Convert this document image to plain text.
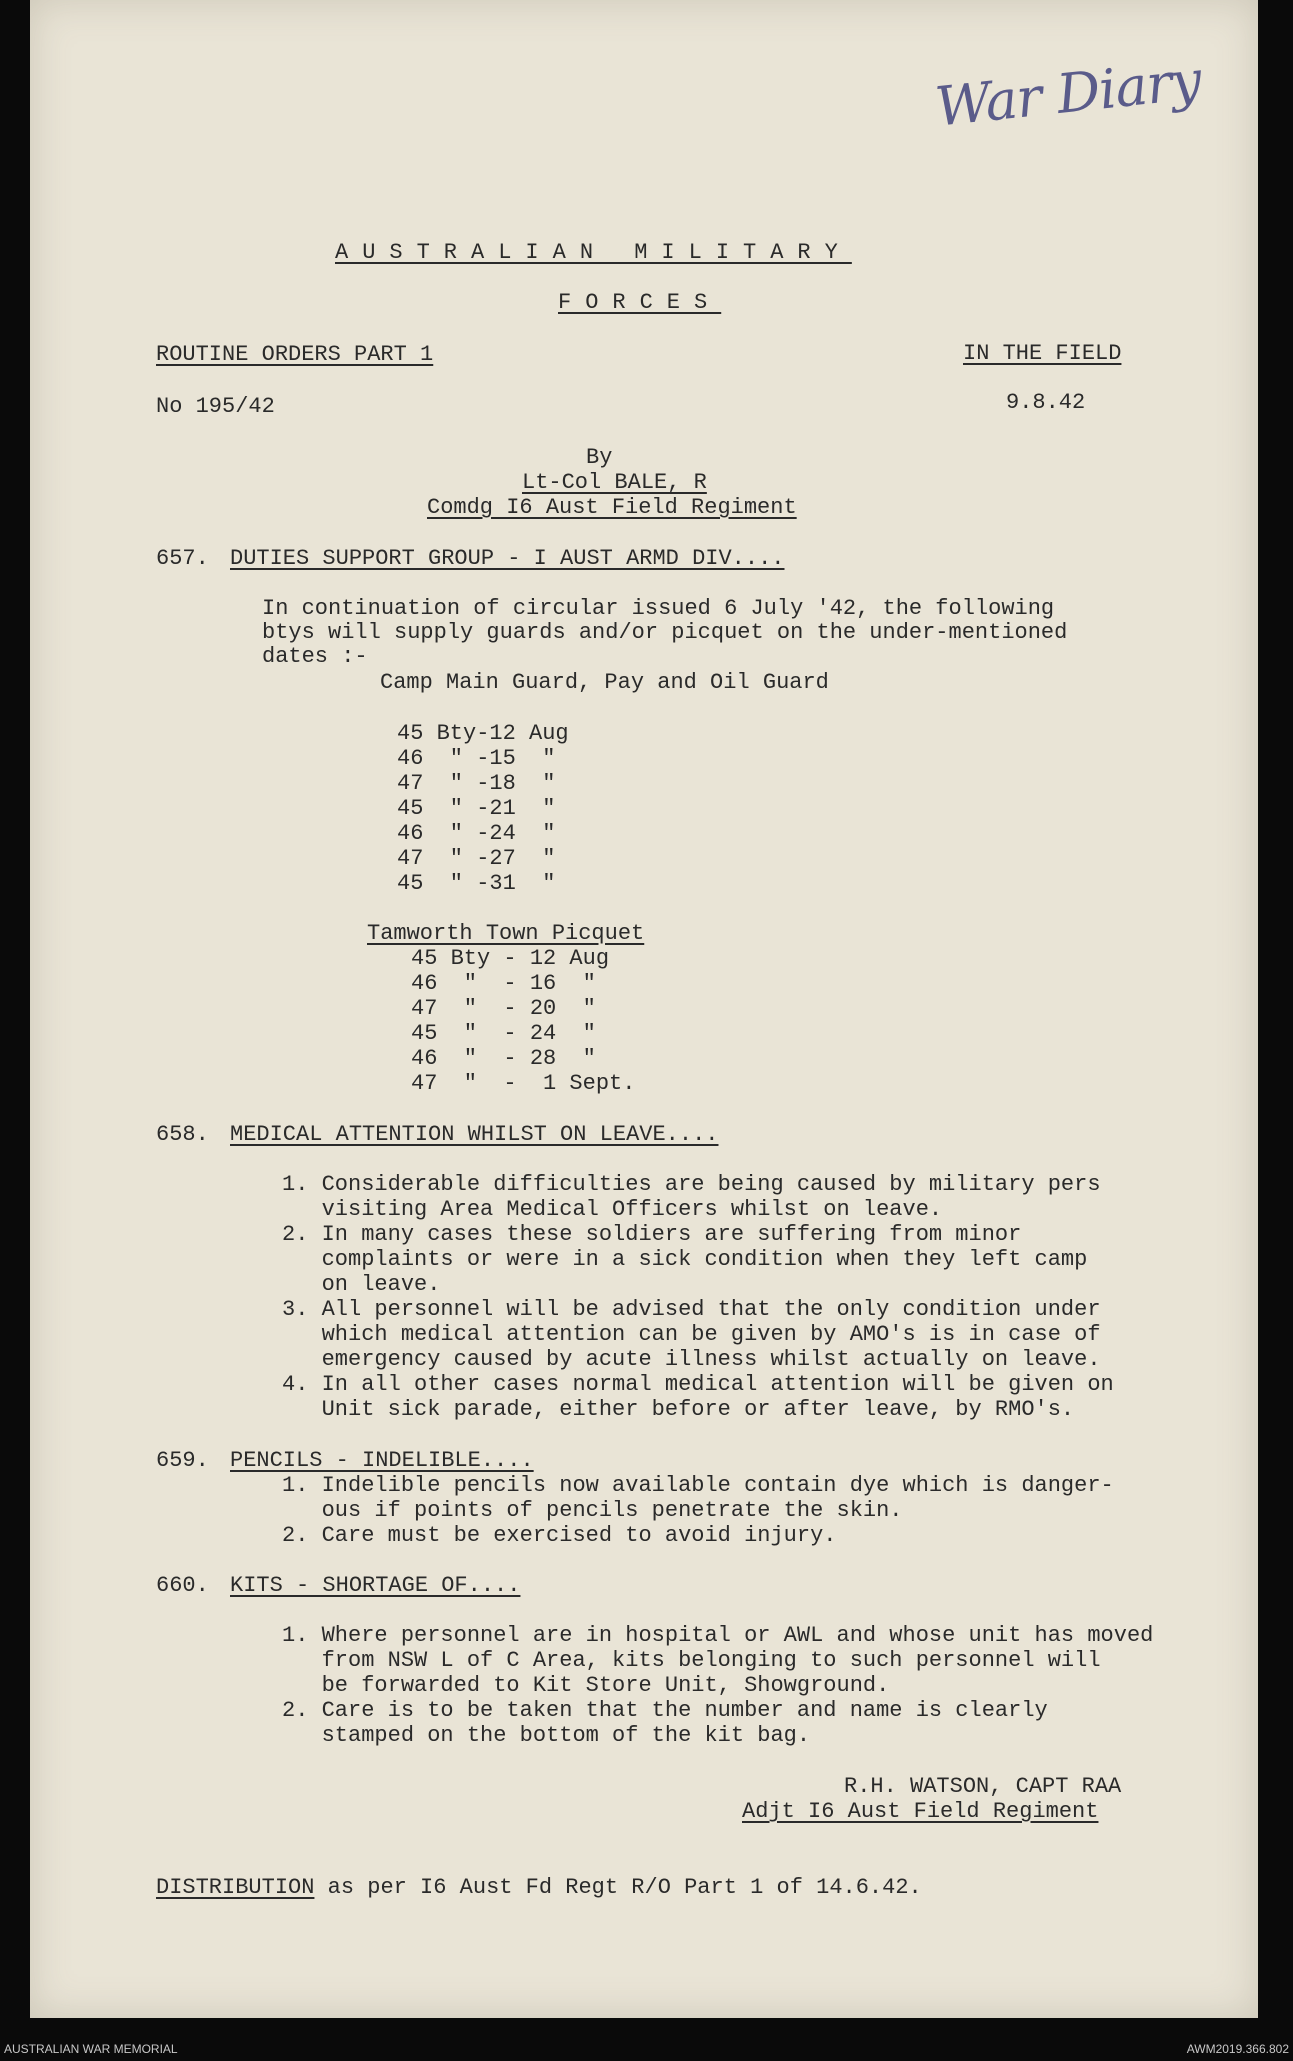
War Diary
AUSTRALIAN MILITARY
FORCES
ROUTINE ORDERS PART 1	IN THE FIELD
No 195/42	9.8.42
By
Lt-Col BALE, R
Comdg I6 Aust Field Regiment
657. DUTIES SUPPORT GROUP - I AUST ARMD DIV....
In continuation of circular issued 6 July '42, the following
btys will supply guards and/or picquet on the under-mentioned
dates :-
Camp Main Guard, Pay and Oil Guard
45 Bty-12 Aug
46  " -15  "
47  " -18  "
45  " -21  "
46  " -24  "
47  " -27  "
45  " -31  "
Tamworth Town Picquet
45 Bty - 12 Aug
46  "  - 16  "
47  "  - 20  "
45  "  - 24  "
46  "  - 28  "
47  "  -  1 Sept.
658. MEDICAL ATTENTION WHILST ON LEAVE....
1. Considerable difficulties are being caused by military pers
visiting Area Medical Officers whilst on leave.
2. In many cases these soldiers are suffering from minor
complaints or were in a sick condition when they left camp
on leave.
3. All personnel will be advised that the only condition under
which medical attention can be given by AMO's is in case of
emergency caused by acute illness whilst actually on leave.
4. In all other cases normal medical attention will be given on
Unit sick parade, either before or after leave, by RMO's.
659. PENCILS - INDELIBLE....
1. Indelible pencils now available contain dye which is danger-
ous if points of pencils penetrate the skin.
2. Care must be exercised to avoid injury.
660. KITS - SHORTAGE OF....
1. Where personnel are in hospital or AWL and whose unit has moved
from NSW L of C Area, kits belonging to such personnel will
be forwarded to Kit Store Unit, Showground.
2. Care is to be taken that the number and name is clearly
stamped on the bottom of the kit bag.
R.H. WATSON, CAPT RAA
Adjt I6 Aust Field Regiment
DISTRIBUTION as per I6 Aust Fd Regt R/O Part 1 of 14.6.42.
AUSTRALIAN WAR MEMORIAL	AWM2019.366.802
